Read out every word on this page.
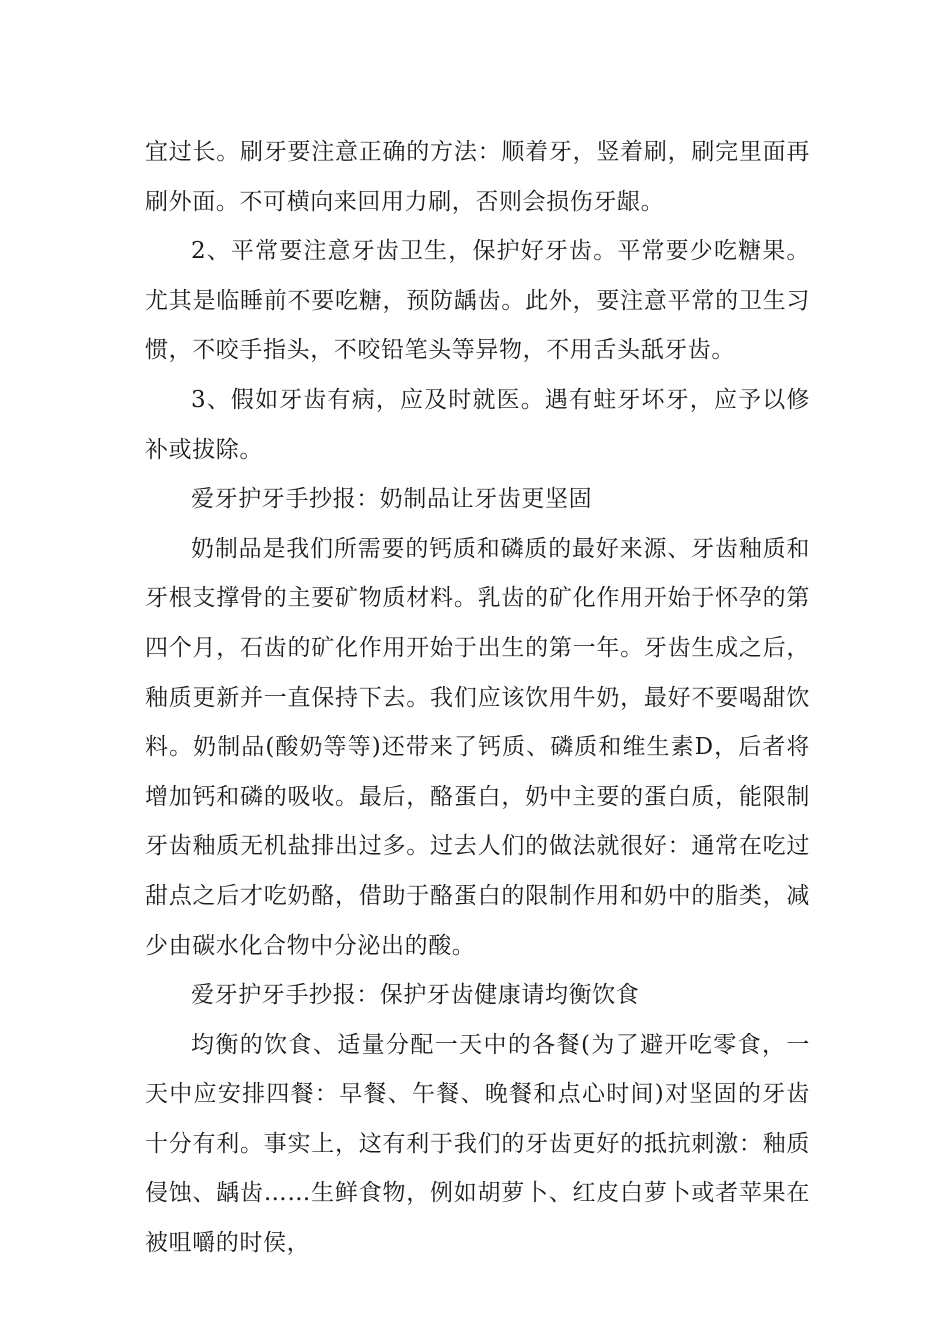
宜过长。刷牙要注意正确的方法：顺着牙，竖着刷，刷完里面再刷外面。不可横向来回用力刷，否则会损伤牙龈。

2、平常要注意牙齿卫生，保护好牙齿。平常要少吃糖果。尤其是临睡前不要吃糖，预防龋齿。此外，要注意平常的卫生习惯，不咬手指头，不咬铅笔头等异物，不用舌头舐牙齿。

3、假如牙齿有病，应及时就医。遇有蛀牙坏牙，应予以修补或拔除。

爱牙护牙手抄报：奶制品让牙齿更坚固

奶制品是我们所需要的钙质和磷质的最好来源、牙齿釉质和牙根支撑骨的主要矿物质材料。乳齿的矿化作用开始于怀孕的第四个月，石齿的矿化作用开始于出生的第一年。牙齿生成之后，釉质更新并一直保持下去。我们应该饮用牛奶，最好不要喝甜饮料。奶制品(酸奶等等)还带来了钙质、磷质和维生素D，后者将增加钙和磷的吸收。最后，酪蛋白，奶中主要的蛋白质，能限制牙齿釉质无机盐排出过多。过去人们的做法就很好：通常在吃过甜点之后才吃奶酪，借助于酪蛋白的限制作用和奶中的脂类，减少由碳水化合物中分泌出的酸。

爱牙护牙手抄报：保护牙齿健康请均衡饮食

均衡的饮食、适量分配一天中的各餐(为了避开吃零食，一天中应安排四餐：早餐、午餐、晚餐和点心时间)对坚固的牙齿十分有利。事实上，这有利于我们的牙齿更好的抵抗刺激：釉质侵蚀、龋齿……生鲜食物，例如胡萝卜、红皮白萝卜或者苹果在被咀嚼的时侯，
